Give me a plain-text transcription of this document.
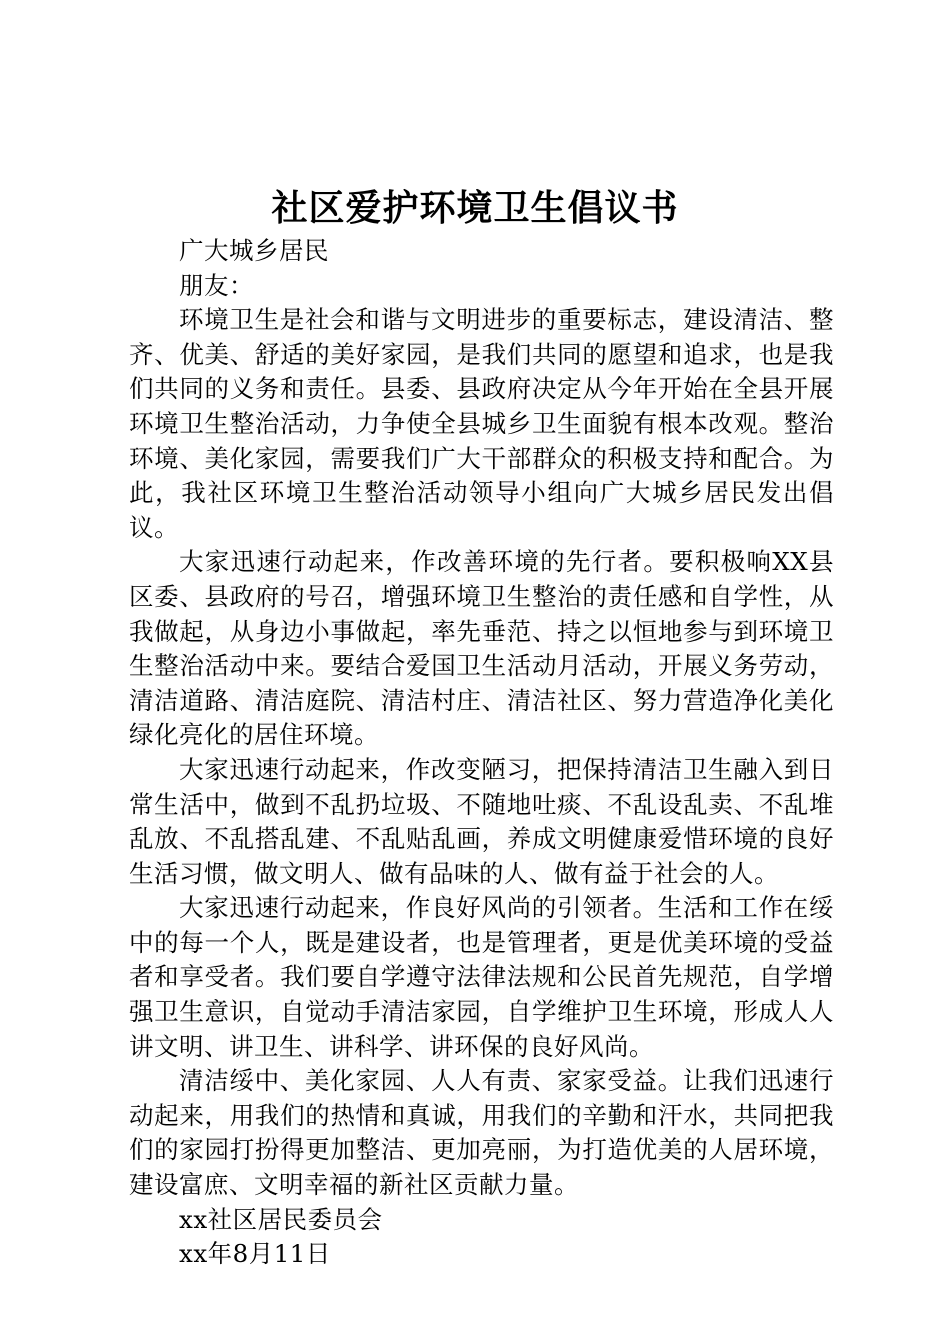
社区爱护环境卫生倡议书

广大城乡居民

朋友：

环境卫生是社会和谐与文明进步的重要标志，建设清洁、整齐、优美、舒适的美好家园，是我们共同的愿望和追求，也是我们共同的义务和责任。县委、县政府决定从今年开始在全县开展环境卫生整治活动，力争使全县城乡卫生面貌有根本改观。整治环境、美化家园，需要我们广大干部群众的积极支持和配合。为此，我社区环境卫生整治活动领导小组向广大城乡居民发出倡议。

大家迅速行动起来，作改善环境的先行者。要积极响XX县区委、县政府的号召，增强环境卫生整治的责任感和自学性，从我做起，从身边小事做起，率先垂范、持之以恒地参与到环境卫生整治活动中来。要结合爱国卫生活动月活动，开展义务劳动，清洁道路、清洁庭院、清洁村庄、清洁社区、努力营造净化美化绿化亮化的居住环境。

大家迅速行动起来，作改变陋习，把保持清洁卫生融入到日常生活中，做到不乱扔垃圾、不随地吐痰、不乱设乱卖、不乱堆乱放、不乱搭乱建、不乱贴乱画，养成文明健康爱惜环境的良好生活习惯，做文明人、做有品味的人、做有益于社会的人。

大家迅速行动起来，作良好风尚的引领者。生活和工作在绥中的每一个人，既是建设者，也是管理者，更是优美环境的受益者和享受者。我们要自学遵守法律法规和公民首先规范，自学增强卫生意识，自觉动手清洁家园，自学维护卫生环境，形成人人讲文明、讲卫生、讲科学、讲环保的良好风尚。

清洁绥中、美化家园、人人有责、家家受益。让我们迅速行动起来，用我们的热情和真诚，用我们的辛勤和汗水，共同把我们的家园打扮得更加整洁、更加亮丽，为打造优美的人居环境，建设富庶、文明幸福的新社区贡献力量。

xx社区居民委员会

xx年8月11日
